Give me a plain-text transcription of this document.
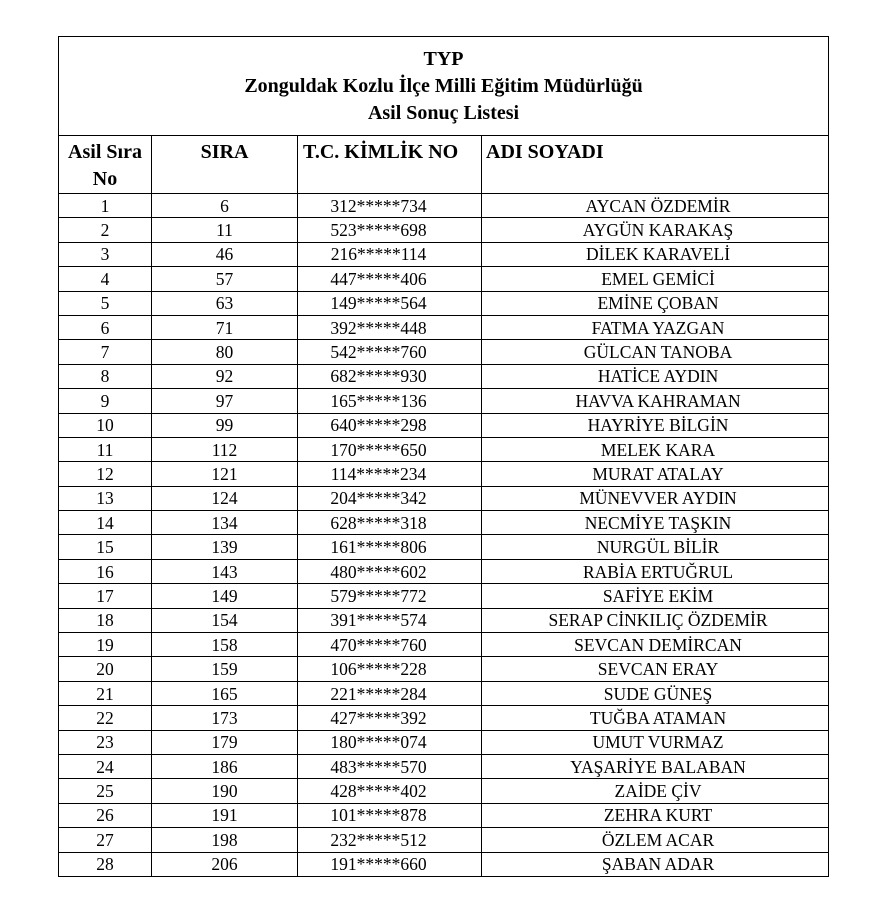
TYP
Zonguldak Kozlu İlçe Milli Eğitim Müdürlüğü
Asil Sonuç Listesi			

Asil Sıra
No	SIRA	T.C. KİMLİK NO	ADI SOYADI
1	6	312*****734	AYCAN ÖZDEMİR
2	11	523*****698	AYGÜN KARAKAŞ
3	46	216*****114	DİLEK KARAVELİ
4	57	447*****406	EMEL GEMİCİ
5	63	149*****564	EMİNE ÇOBAN
6	71	392*****448	FATMA YAZGAN
7	80	542*****760	GÜLCAN TANOBA
8	92	682*****930	HATİCE AYDIN
9	97	165*****136	HAVVA KAHRAMAN
10	99	640*****298	HAYRİYE BİLGİN
11	112	170*****650	MELEK KARA
12	121	114*****234	MURAT ATALAY
13	124	204*****342	MÜNEVVER AYDIN
14	134	628*****318	NECMİYE TAŞKIN
15	139	161*****806	NURGÜL BİLİR
16	143	480*****602	RABİA ERTUĞRUL
17	149	579*****772	SAFİYE EKİM
18	154	391*****574	SERAP CİNKILIÇ ÖZDEMİR
19	158	470*****760	SEVCAN DEMİRCAN
20	159	106*****228	SEVCAN ERAY
21	165	221*****284	SUDE GÜNEŞ
22	173	427*****392	TUĞBA ATAMAN
23	179	180*****074	UMUT VURMAZ
24	186	483*****570	YAŞARİYE BALABAN
25	190	428*****402	ZAİDE ÇİV
26	191	101*****878	ZEHRA KURT
27	198	232*****512	ÖZLEM ACAR
28	206	191*****660	ŞABAN ADAR
